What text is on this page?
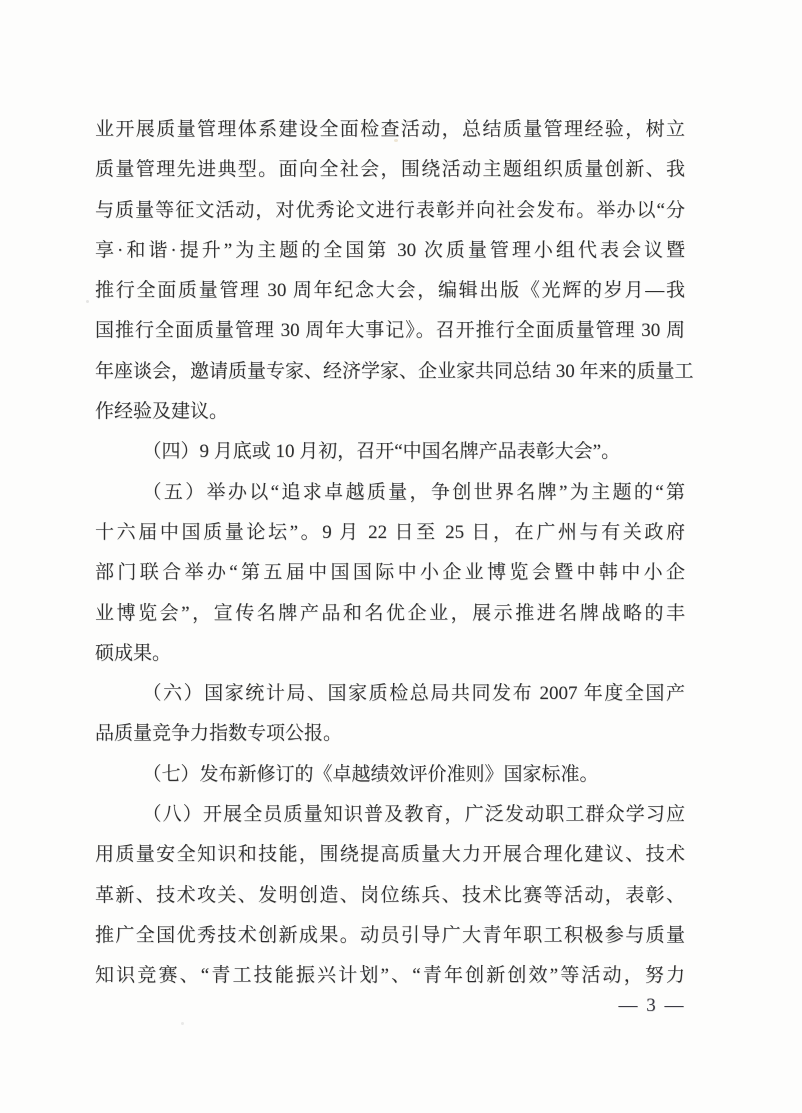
业开展质量管理体系建设全面检查活动，总结质量管理经验，树立
质量管理先进典型。面向全社会，围绕活动主题组织质量创新、我
与质量等征文活动，对优秀论文进行表彰并向社会发布。举办以“分
享·和谐·提升”为主题的全国第 30 次质量管理小组代表会议暨
推行全面质量管理 30 周年纪念大会，编辑出版《光辉的岁月—我
国推行全面质量管理 30 周年大事记》。召开推行全面质量管理 30 周
年座谈会，邀请质量专家、经济学家、企业家共同总结 30 年来的质量工
作经验及建议。
（四）9 月底或 10 月初，召开“中国名牌产品表彰大会”。
（五）举办以“追求卓越质量，争创世界名牌”为主题的“第
十六届中国质量论坛”。9 月 22 日至 25 日，在广州与有关政府
部门联合举办“第五届中国国际中小企业博览会暨中韩中小企
业博览会”，宣传名牌产品和名优企业，展示推进名牌战略的丰
硕成果。
（六）国家统计局、国家质检总局共同发布 2007 年度全国产
品质量竞争力指数专项公报。
（七）发布新修订的《卓越绩效评价准则》国家标准。
（八）开展全员质量知识普及教育，广泛发动职工群众学习应
用质量安全知识和技能，围绕提高质量大力开展合理化建议、技术
革新、技术攻关、发明创造、岗位练兵、技术比赛等活动，表彰、
推广全国优秀技术创新成果。动员引导广大青年职工积极参与质量
知识竞赛、“青工技能振兴计划”、“青年创新创效”等活动，努力
— 3 —
